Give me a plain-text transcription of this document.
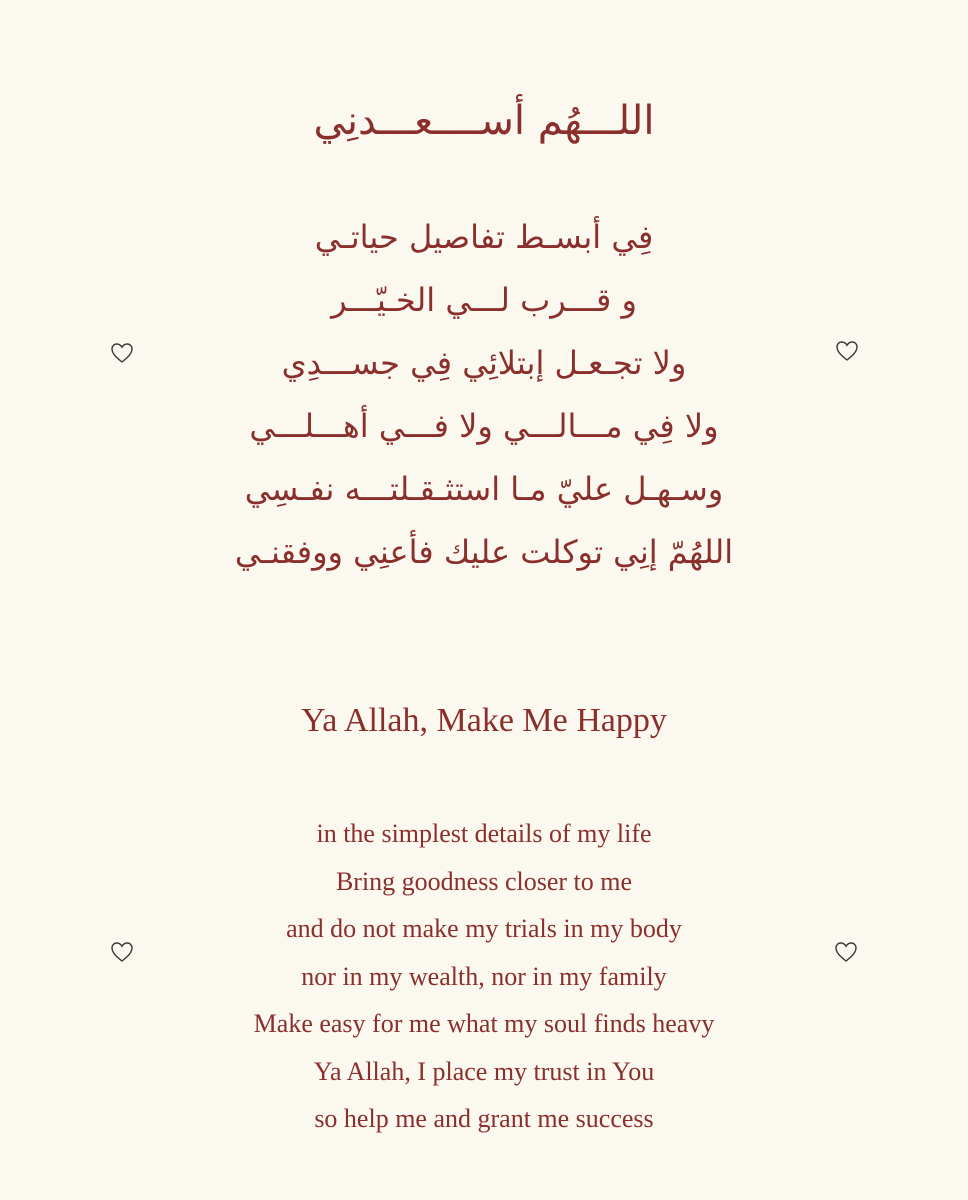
اللـــهُم أســــعـــدنِي
فِي أبسـط تفاصيل حياتـي
و قـــرب لـــي الخـيّـــر
ولا تجـعـل إبتلائِي فِي جســـدِي
ولا فِي مـــالـــي ولا فـــي أهـــلـــي
وسـهـل عليّ مـا استثـقـلتـــه نفـسِي
اللهُمّ إنِي توكلت عليك فأعنِي ووفقنـي
Ya Allah, Make Me Happy
in the simplest details of my life
Bring goodness closer to me
and do not make my trials in my body
nor in my wealth, nor in my family
Make easy for me what my soul finds heavy
Ya Allah, I place my trust in You
so help me and grant me success
